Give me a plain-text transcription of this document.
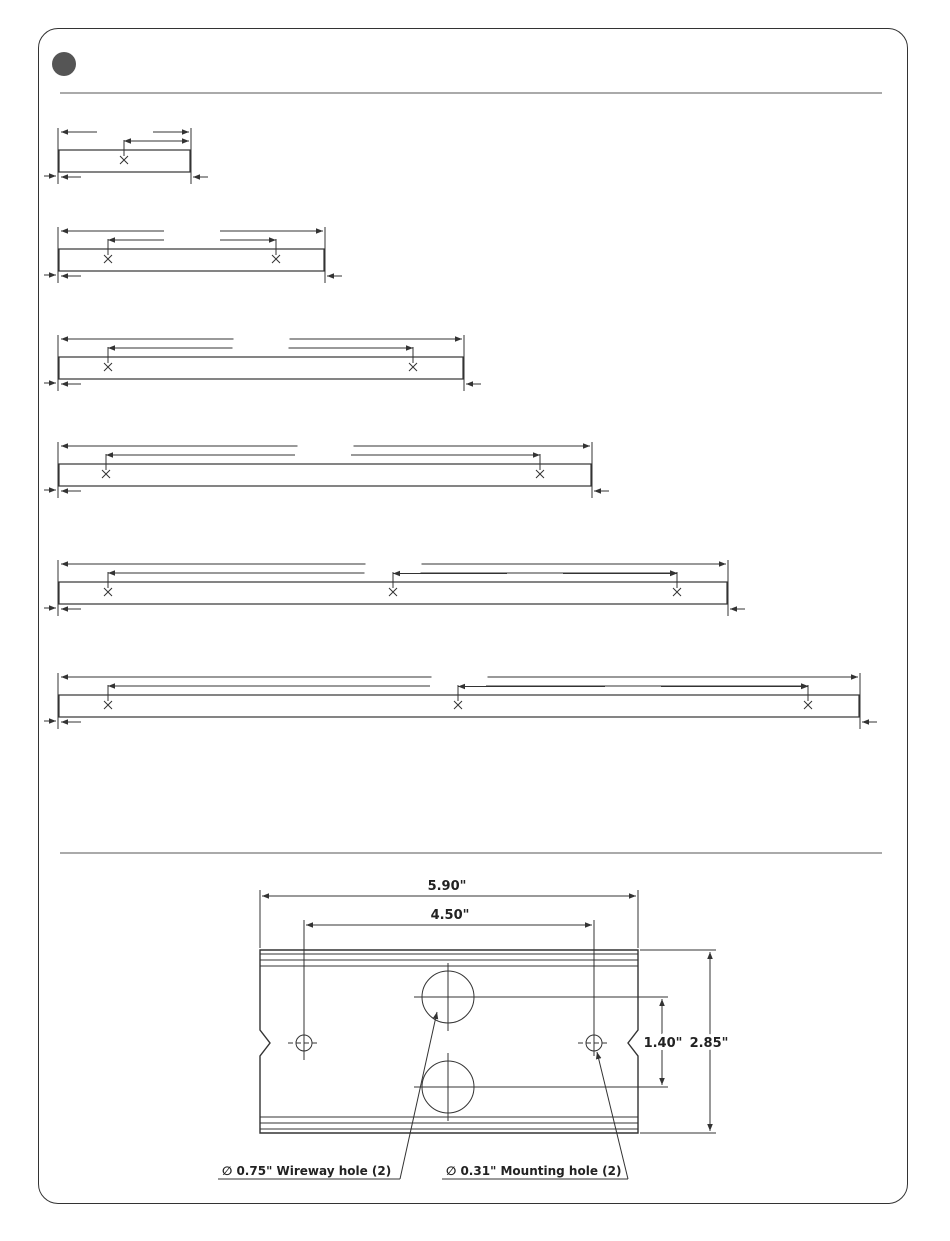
5.90"
4.50"
1.40" 2.85"
∅ 0.75" Wireway hole (2)	∅ 0.31" Mounting hole (2)
